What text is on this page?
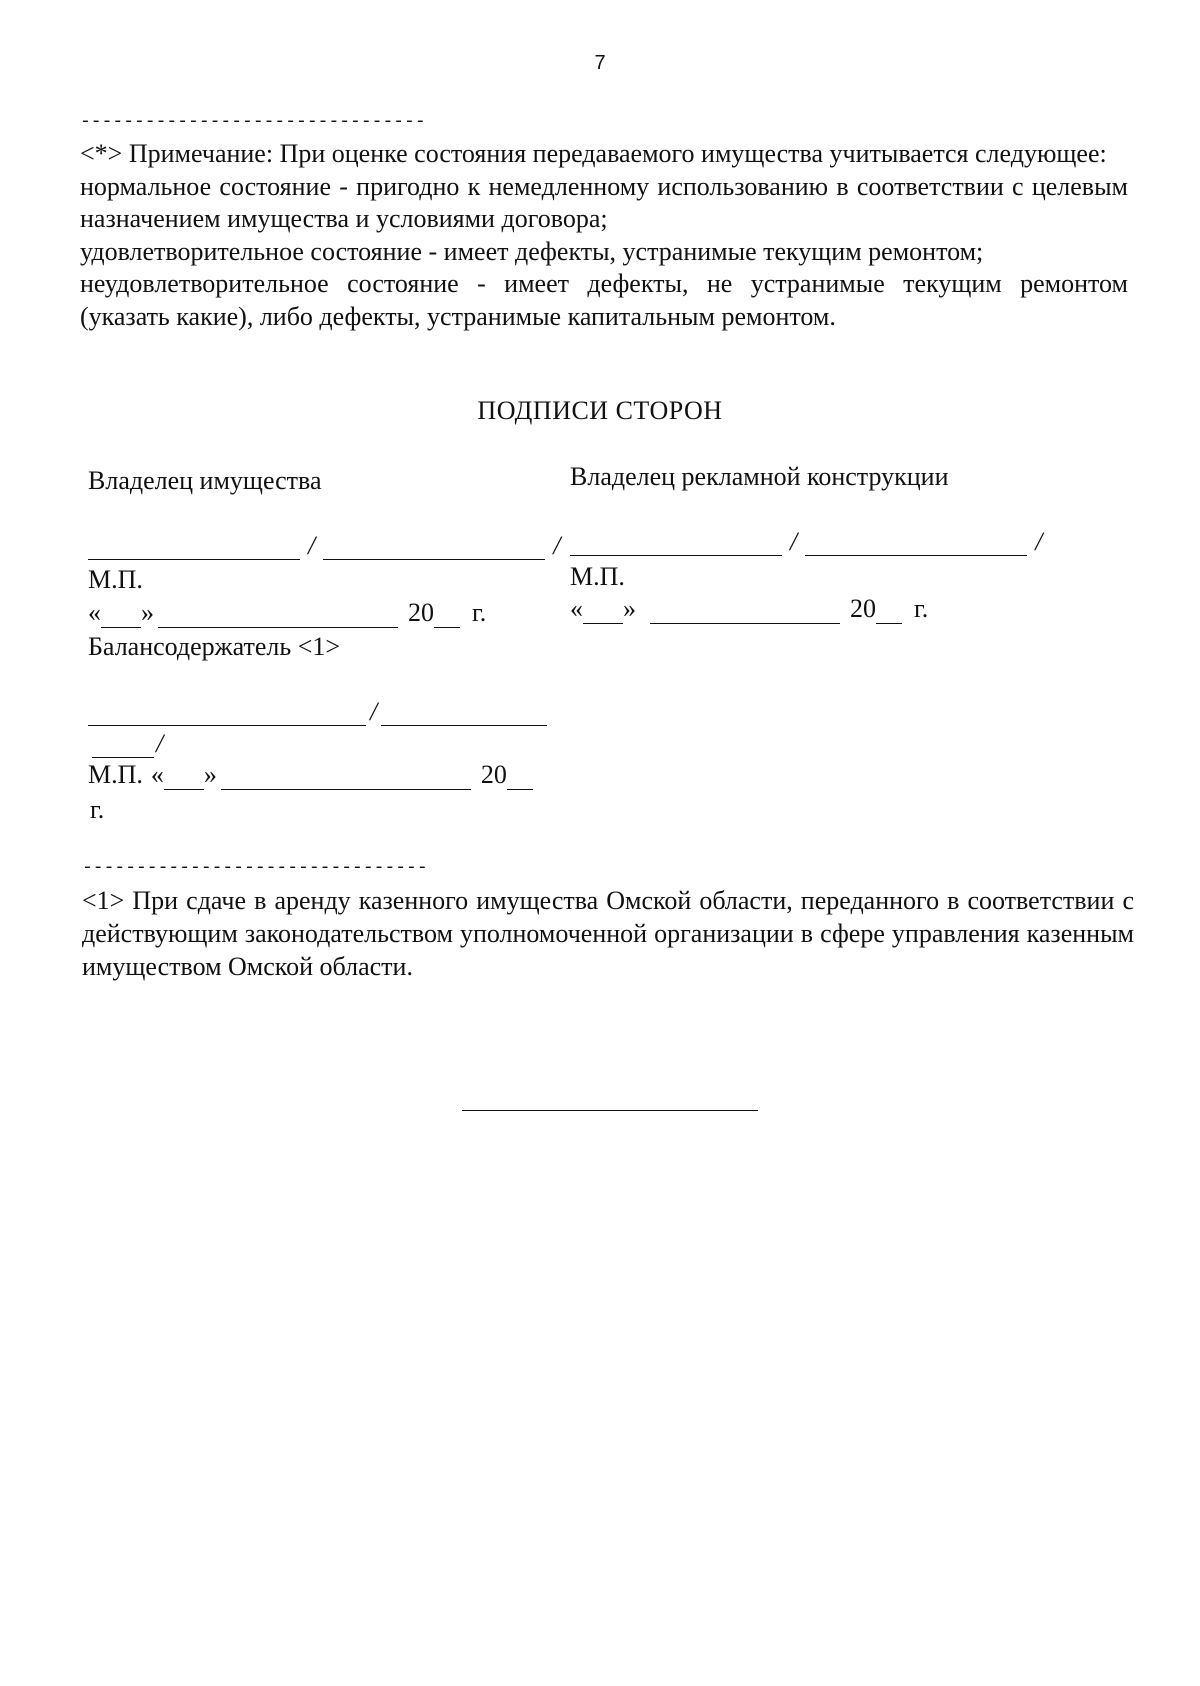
7
--------------------------------

<*> Примечание: При оценке состояния передаваемого имущества учитывается следующее:

нормальное состояние - пригодно к немедленному использованию в соответствии с целевым назначением имущества и условиями договора;

удовлетворительное состояние - имеет дефекты, устранимые текущим ремонтом;

неудовлетворительное состояние - имеет дефекты, не устранимые текущим ремонтом (указать какие), либо дефекты, устранимые капитальным ремонтом.

ПОДПИСИ СТОРОН
Владелец имущества	Владелец рекламной конструкции
/	/	/	/
М.П.	М.П.
« »	20 г.	« »	20 г.
Балансодержатель <1>
/
/
М.П. « »	20
г.
--------------------------------

<1> При сдаче в аренду казенного имущества Омской области, переданного в соответствии с действующим законодательством уполномоченной организации в сфере управления казенным имуществом Омской области.
